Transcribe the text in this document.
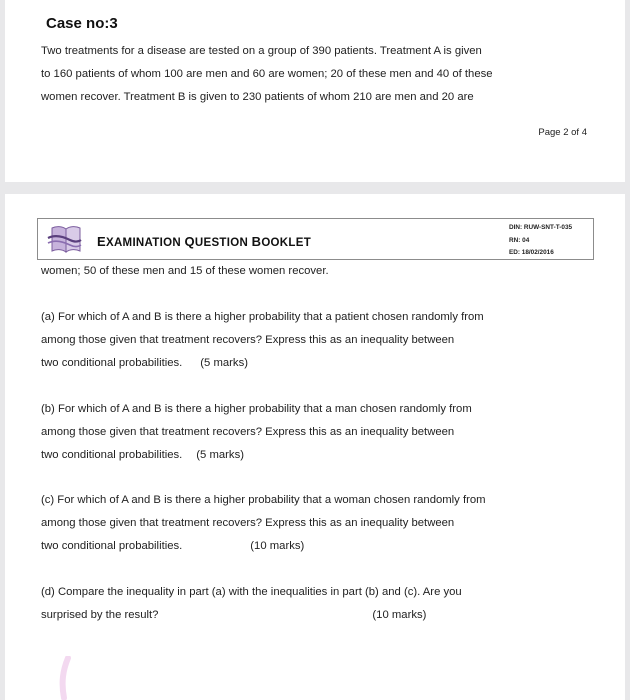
Case no:3
Two treatments for a disease are tested on a group of 390 patients. Treatment A is given
to 160 patients of whom 100 are men and 60 are women; 20 of these men and 40 of these
women recover. Treatment B is given to 230 patients of whom 210 are men and 20 are
Page 2 of 4
EXAMINATION QUESTION BOOKLET
DIN: RUW-SNT-T-035
RN: 04
ED: 18/02/2016
women; 50 of these men and 15 of these women recover.
(a) For which of A and B is there a higher probability that a patient chosen randomly from
among those given that treatment recovers? Express this as an inequality between
two conditional probabilities. (5 marks)
(b) For which of A and B is there a higher probability that a man chosen randomly from
among those given that treatment recovers? Express this as an inequality between
two conditional probabilities. (5 marks)
(c) For which of A and B is there a higher probability that a woman chosen randomly from
among those given that treatment recovers? Express this as an inequality between
two conditional probabilities.	(10 marks)
(d) Compare the inequality in part (a) with the inequalities in part (b) and (c). Are you
surprised by the result?	(10 marks)
